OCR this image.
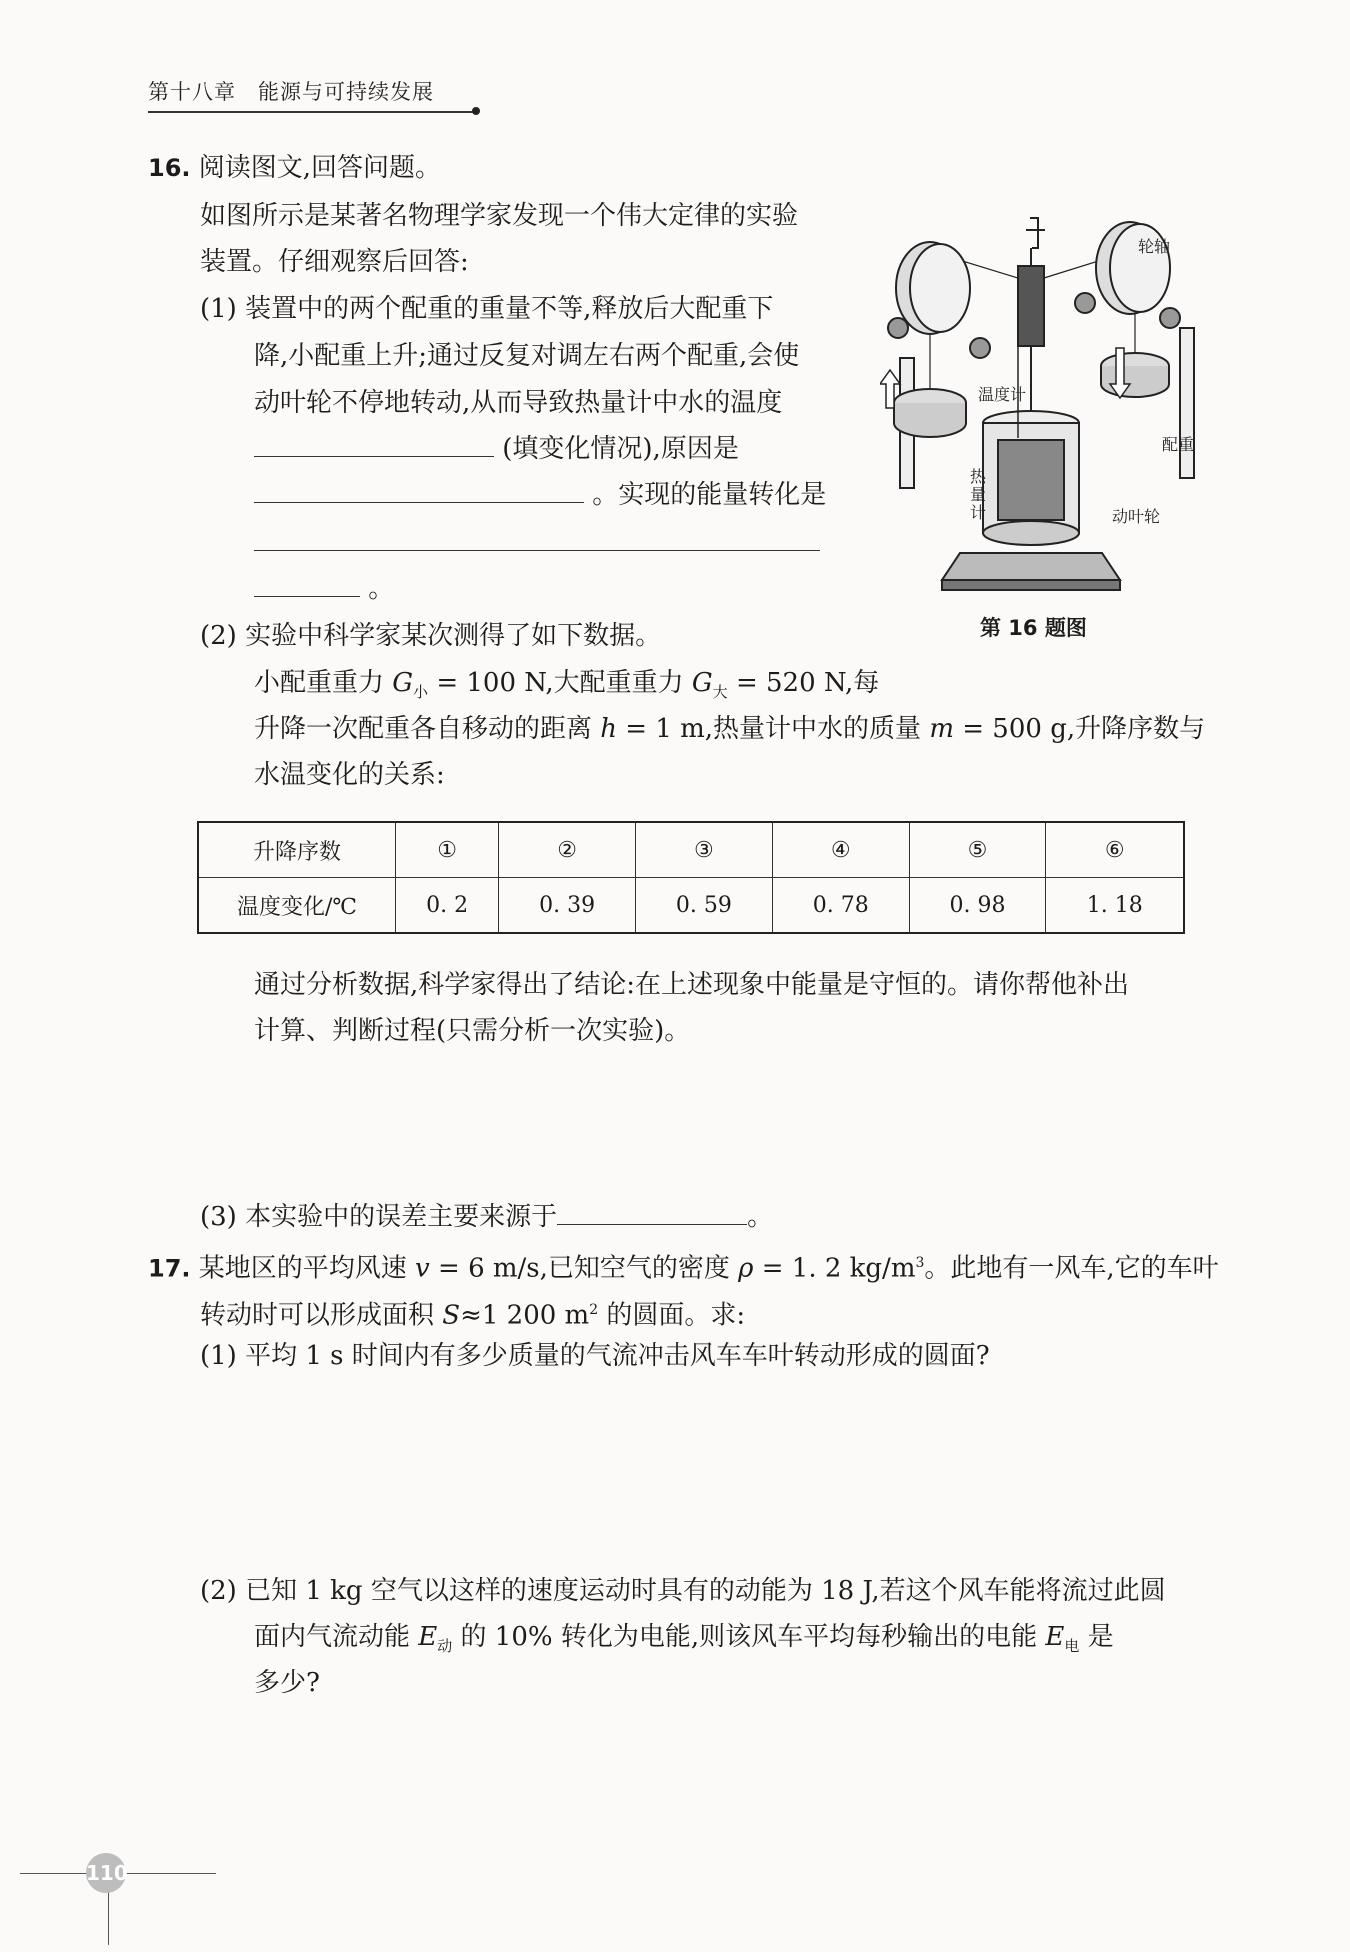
第十八章　能源与可持续发展
16. 阅读图文,回答问题。
如图所示是某著名物理学家发现一个伟大定律的实验
装置。仔细观察后回答:
(1) 装置中的两个配重的重量不等,释放后大配重下
降,小配重上升;通过反复对调左右两个配重,会使
动叶轮不停地转动,从而导致热量计中水的温度
(填变化情况),原因是
。实现的能量转化是
。
(2) 实验中科学家某次测得了如下数据。
小配重重力 $G_小 = 100$ N,大配重重力 $G_大 = 520$ N,每
升降一次配重各自移动的距离 h = 1 m,热量计中水的质量 m = 500 g,升降序数与
水温变化的关系:
升降序数	①	②	③	④	⑤	⑥
温度变化/℃	0. 2	0. 39	0. 59	0. 78	0. 98	1. 18
通过分析数据,科学家得出了结论:在上述现象中能量是守恒的。请你帮他补出
计算、判断过程(只需分析一次实验)。
(3) 本实验中的误差主要来源于	。
轮轴
温度计
配重
热量计	动叶轮
第 16 题图
17. 某地区的平均风速 v = 6 m/s,已知空气的密度 ρ = 1. 2 $kg/m^3$。此地有一风车,它的车叶
转动时可以形成面积 S≈1 200 $m^2$ 的圆面。求:
(1) 平均 1 s 时间内有多少质量的气流冲击风车车叶转动形成的圆面?
(2) 已知 1 kg 空气以这样的速度运动时具有的动能为 18 J,若这个风车能将流过此圆
面内气流动能 $E_动$ 的 10% 转化为电能,则该风车平均每秒输出的电能 $E_电$ 是
多少?
110
